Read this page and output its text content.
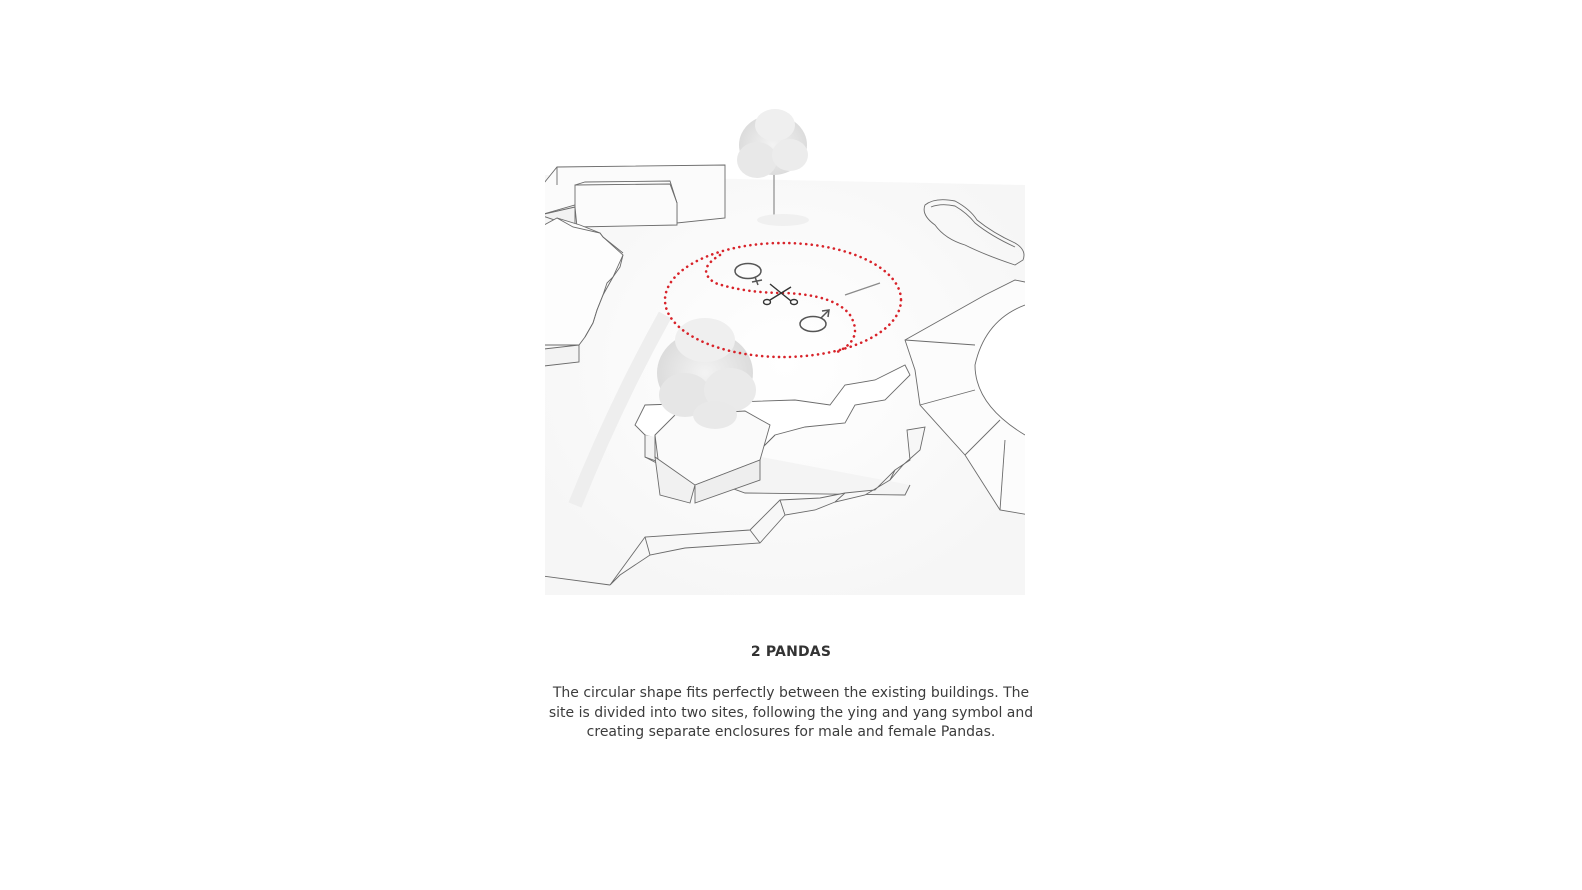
2 PANDAS
The circular shape fits perfectly between the existing buildings. The
site is divided into two sites, following the ying and yang symbol and
creating separate enclosures for male and female Pandas.
